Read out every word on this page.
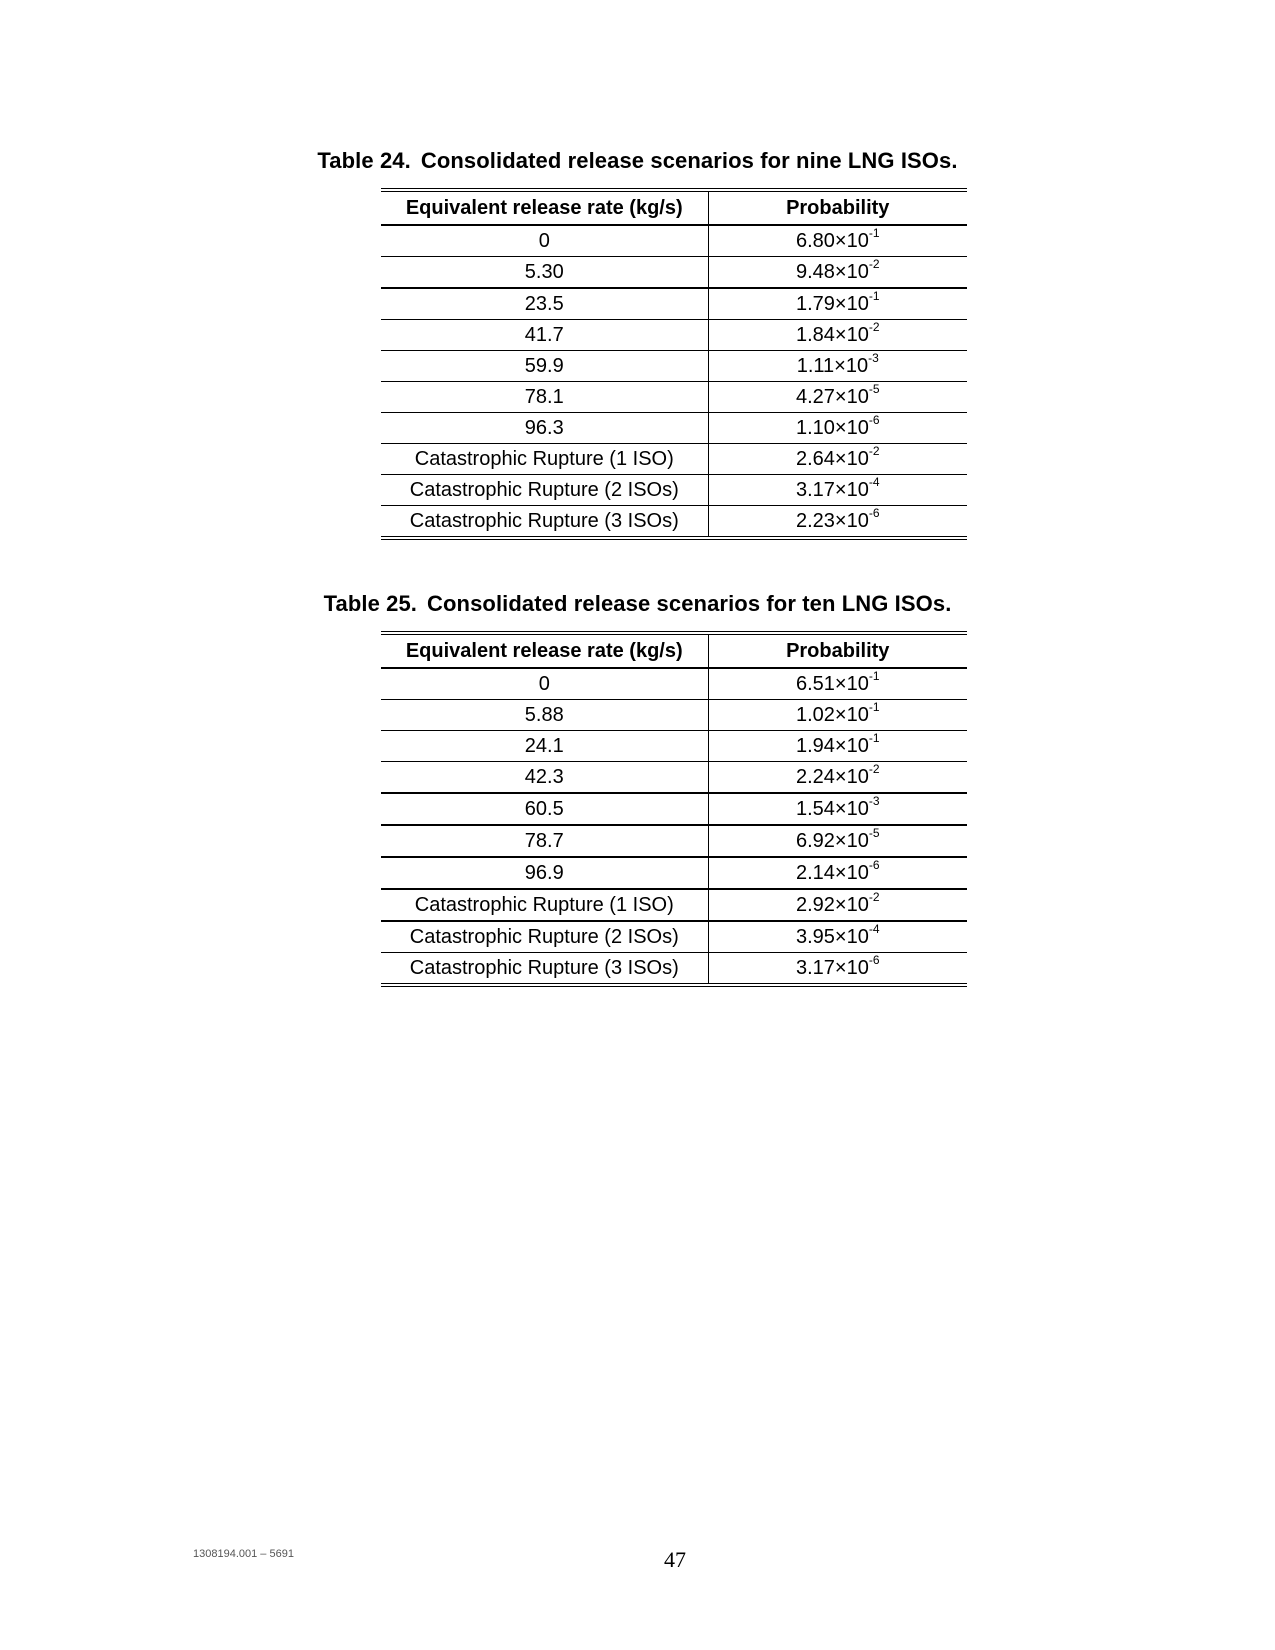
Table 24. Consolidated release scenarios for nine LNG ISOs.
Equivalent release rate (kg/s)	Probability
0	$6.80\times 10^{-1}$
5.30	$9.48\times 10^{-2}$
23.5	$1.79\times 10^{-1}$
41.7	$1.84\times 10^{-2}$
59.9	$1.11\times 10^{-3}$
78.1	$4.27\times 10^{-5}$
96.3	$1.10\times 10^{-6}$
Catastrophic Rupture (1 ISO)	$2.64\times 10^{-2}$
Catastrophic Rupture (2 ISOs)	$3.17\times 10^{-4}$
Catastrophic Rupture (3 ISOs)	$2.23\times 10^{-6}$
Table 25. Consolidated release scenarios for ten LNG ISOs.
Equivalent release rate (kg/s)	Probability
0	$6.51\times 10^{-1}$
5.88	$1.02\times 10^{-1}$
24.1	$1.94\times 10^{-1}$
42.3	$2.24\times 10^{-2}$
60.5	$1.54\times 10^{-3}$
78.7	$6.92\times 10^{-5}$
96.9	$2.14\times 10^{-6}$
Catastrophic Rupture (1 ISO)	$2.92\times 10^{-2}$
Catastrophic Rupture (2 ISOs)	$3.95\times 10^{-4}$
Catastrophic Rupture (3 ISOs)	$3.17\times 10^{-6}$
1308194.001 – 5691	47
